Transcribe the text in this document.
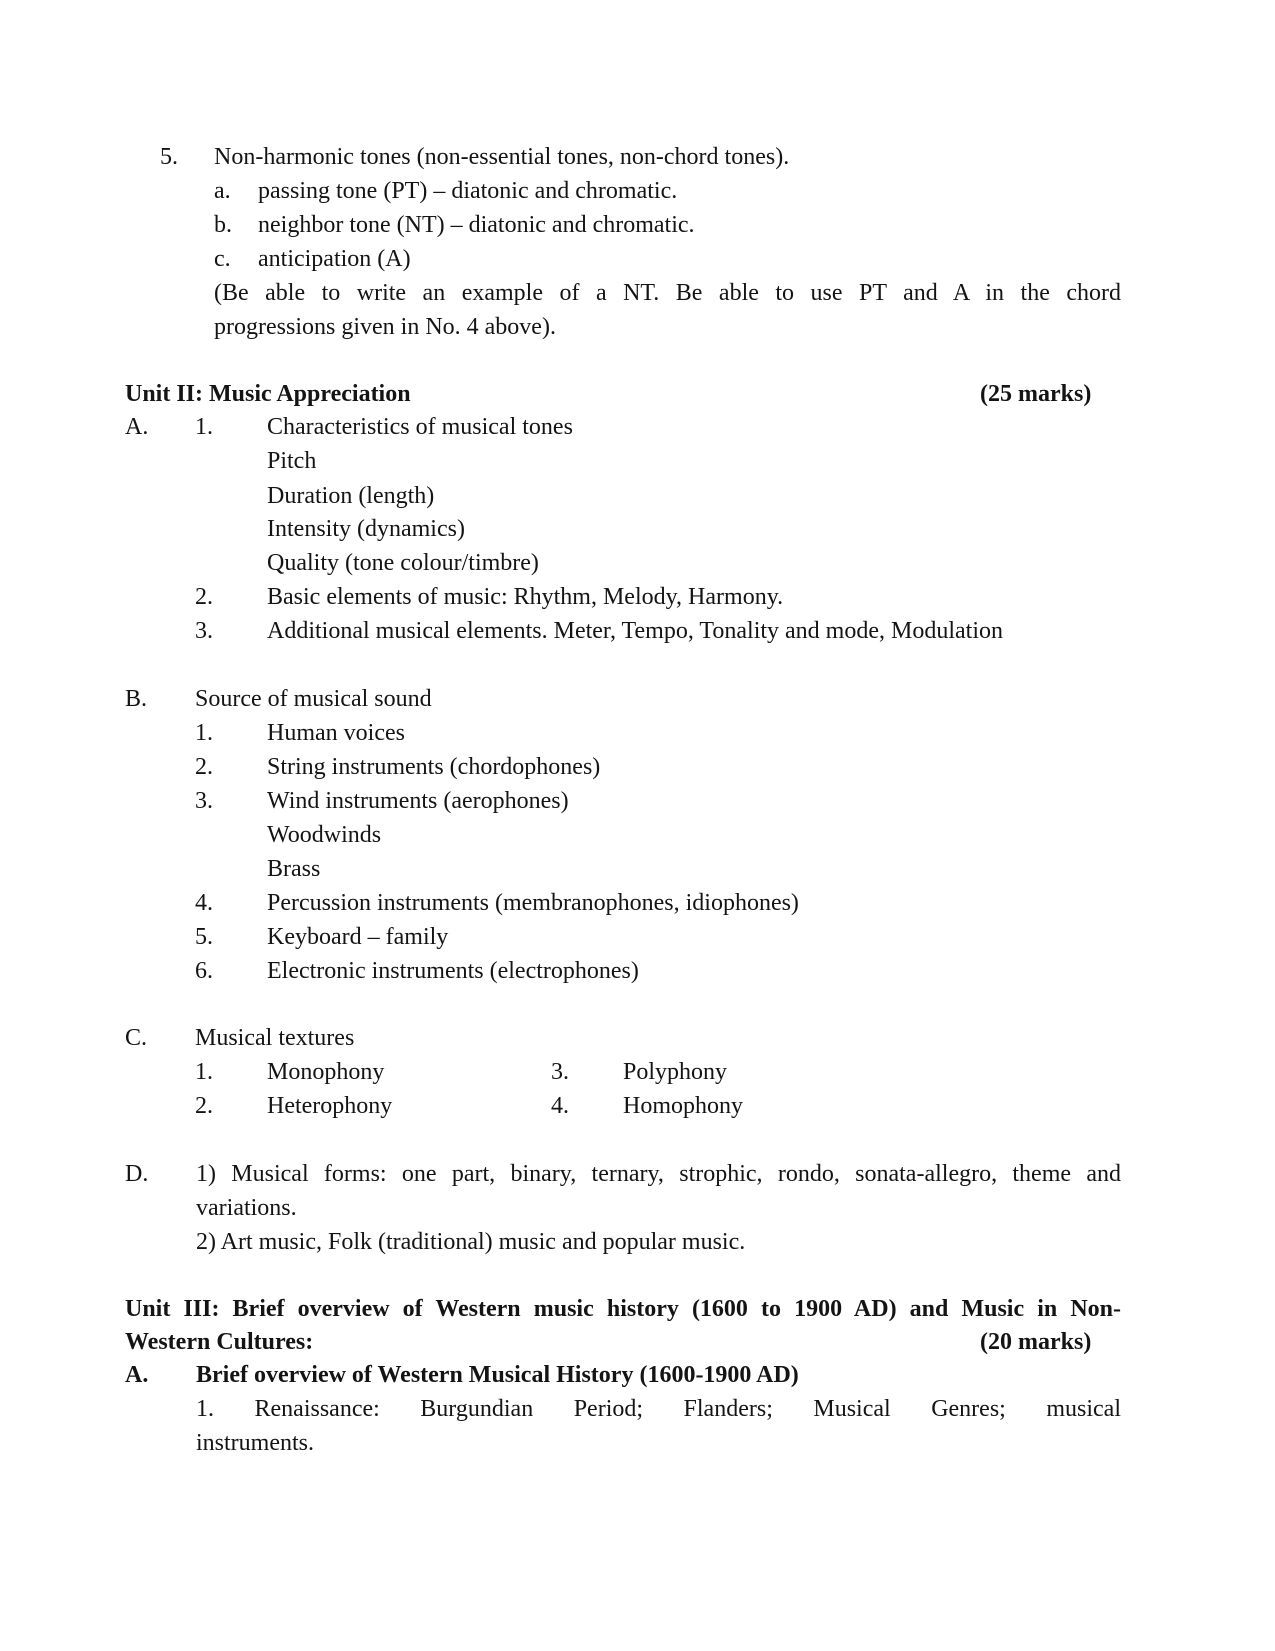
5. Non-harmonic tones (non-essential tones, non-chord tones).
a. passing tone (PT) – diatonic and chromatic.
b. neighbor tone (NT) – diatonic and chromatic.
c. anticipation (A)
(Be able to write an example of a NT. Be able to use PT and A in the chord
progressions given in No. 4 above).
Unit II: Music Appreciation	(25 marks)
A. 1. Characteristics of musical tones
Pitch
Duration (length)
Intensity (dynamics)
Quality (tone colour/timbre)
2. Basic elements of music: Rhythm, Melody, Harmony.
3. Additional musical elements. Meter, Tempo, Tonality and mode, Modulation
B. Source of musical sound
1. Human voices
2. String instruments (chordophones)
3. Wind instruments (aerophones)
Woodwinds
Brass
4. Percussion instruments (membranophones, idiophones)
5. Keyboard – family
6. Electronic instruments (electrophones)
C. Musical textures
1. Monophony	3. Polyphony
2. Heterophony	4. Homophony
D. 1) Musical forms: one part, binary, ternary, strophic, rondo, sonata-allegro, theme and
variations.
2) Art music, Folk (traditional) music and popular music.
Unit III: Brief overview of Western music history (1600 to 1900 AD) and Music in Non-
Western Cultures:	(20 marks)
A. Brief overview of Western Musical History (1600-1900 AD)
1. Renaissance: Burgundian Period; Flanders; Musical Genres; musical
instruments.
